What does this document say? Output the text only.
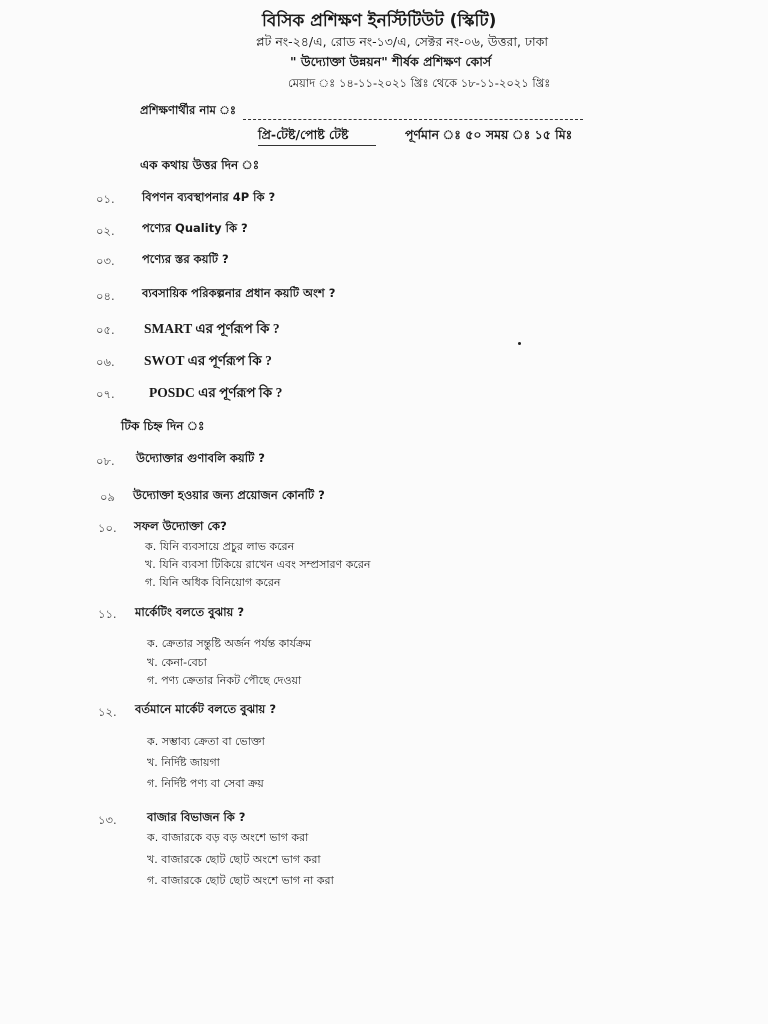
বিসিক প্রশিক্ষণ ইনস্টিটিউট (স্কিটি)
প্লট নং-২৪/এ, রোড নং-১৩/এ, সেক্টর নং-০৬, উত্তরা, ঢাকা
" উদ্যোক্তা উন্নয়ন" শীর্ষক প্রশিক্ষণ কোর্স
মেয়াদ ঃ ১৪-১১-২০২১ খ্রিঃ থেকে ১৮-১১-২০২১ খ্রিঃ
প্রশিক্ষণার্থীর নাম ঃ
প্রি-টেষ্ট/পোষ্ট টেষ্ট	পূর্ণমান ঃ ৫০ সময় ঃ ১৫ মিঃ
এক কথায় উত্তর দিন ঃ
০১. বিপণন ব্যবস্থাপনার 4P কি ?
০২. পণ্যের Quality কি ?
০৩. পণ্যের স্তর কয়টি ?
০৪. ব্যবসায়িক পরিকল্পনার প্রধান কয়টি অংশ ?
০৫. SMART এর পূর্ণরূপ কি ?
০৬. SWOT এর পূর্ণরূপ কি ?
০৭.	POSDC এর পূর্ণরূপ কি ?
টিক চিহ্ন দিন ঃ
০৮. উদ্যোক্তার গুণাবলি কয়টি ?
০৯ উদ্যোক্তা হওয়ার জন্য প্রয়োজন কোনটি ?
১০. সফল উদ্যোক্তা কে?
ক. যিনি ব্যবসায়ে প্রচুর লাভ করেন
খ. যিনি ব্যবসা টিকিয়ে রাখেন এবং সম্প্রসারণ করেন
গ. যিনি অধিক বিনিয়োগ করেন
১১. মার্কেটিং বলতে বুঝায় ?
ক. ক্রেতার সন্তুষ্টি অর্জন পর্যন্ত কার্যক্রম
খ. কেনা-বেচা
গ. পণ্য ক্রেতার নিকট পৌছে দেওয়া
১২. বর্তমানে মার্কেট বলতে বুঝায় ?
ক. সম্ভাব্য ক্রেতা বা ভোক্তা
খ. নির্দিষ্ট জায়গা
গ. নির্দিষ্ট পণ্য বা সেবা ক্রয়
১৩.	বাজার বিভাজন কি ?
ক. বাজারকে বড় বড় অংশে ভাগ করা
খ. বাজারকে ছোট ছোট অংশে ভাগ করা
গ. বাজারকে ছোট ছোট অংশে ভাগ না করা
